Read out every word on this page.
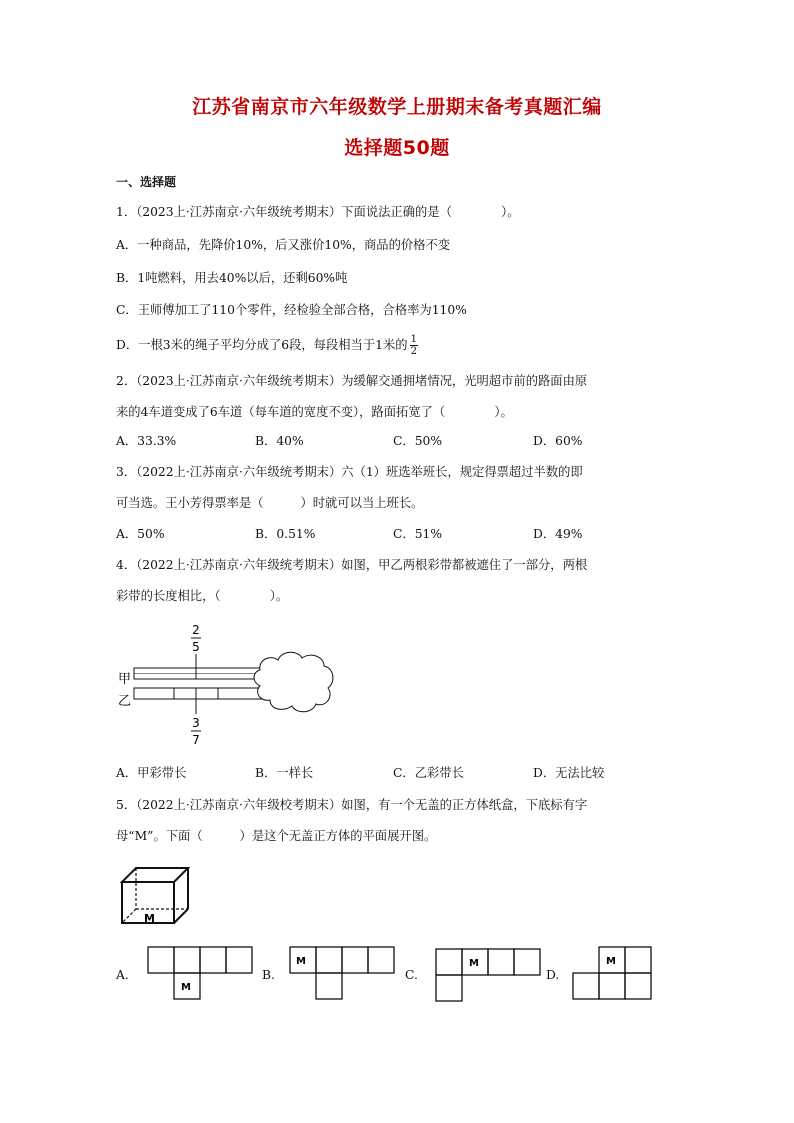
江苏省南京市六年级数学上册期末备考真题汇编
选择题50题
一、选择题
1．（2023上·江苏南京·六年级统考期末）下面说法正确的是（　　　　）。
A．一种商品，先降价10%，后又涨价10%，商品的价格不变
B．1吨燃料，用去40%以后，还剩60%吨
C．王师傅加工了110个零件，经检验全部合格，合格率为110%
D．一根3米的绳子平均分成了6段，每段相当于1米的 $\frac{1}{2}$
2．（2023上·江苏南京·六年级统考期末）为缓解交通拥堵情况，光明超市前的路面由原
来的4车道变成了6车道（每车道的宽度不变），路面拓宽了（　　　　）。
A．33.3%	B．40%	C．50%	D．60%
3．（2022上·江苏南京·六年级统考期末）六（1）班选举班长，规定得票超过半数的即
可当选。王小芳得票率是（　　　）时就可以当上班长。
A．50%	B．0.51%	C．51%	D．49%
4．（2022上·江苏南京·六年级统考期末）如图，甲乙两根彩带都被遮住了一部分，两根
彩带的长度相比，（　　　　）。
2
5
甲
乙
3
7
A．甲彩带长	B．一样长	C．乙彩带长	D．无法比较
5．（2022上·江苏南京·六年级校考期末）如图，有一个无盖的正方体纸盒，下底标有字
母“M”。下面（　　　）是这个无盖正方体的平面展开图。
M
A.
M
B.
M
C.
M
D.
M
